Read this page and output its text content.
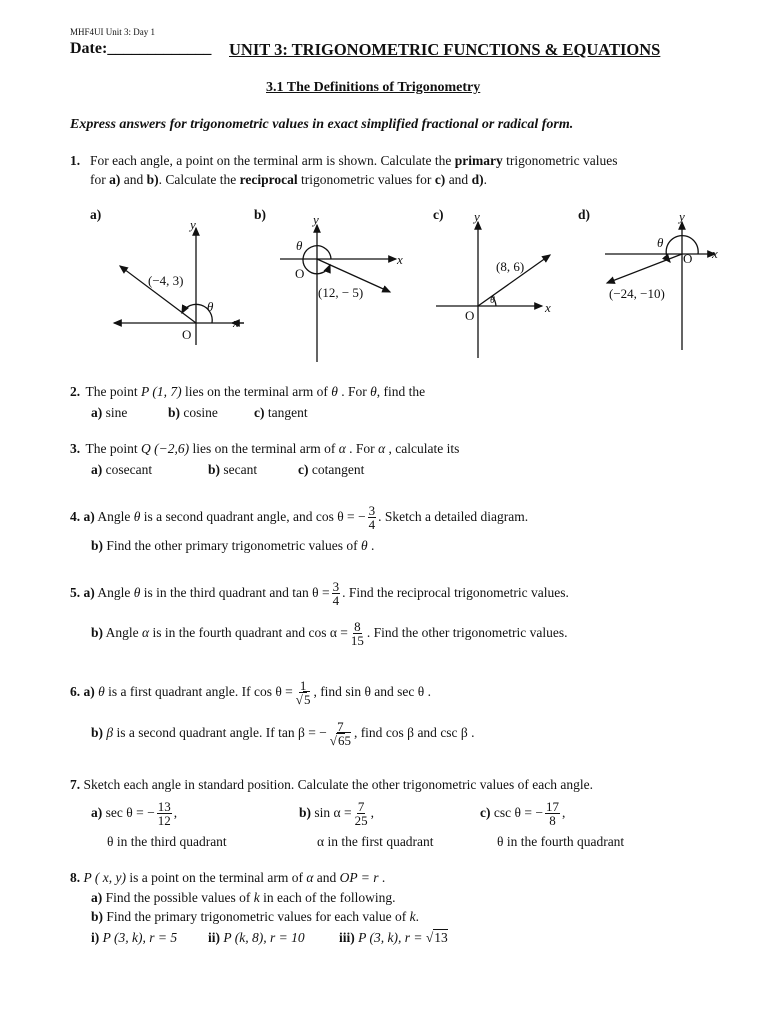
MHF4UI Unit 3: Day 1
Date:_____________ UNIT 3: TRIGONOMETRIC FUNCTIONS & EQUATIONS
3.1 The Definitions of Trigonometry
Express answers for trigonometric values in exact simplified fractional or radical form.
1. For each angle, a point on the terminal arm is shown. Calculate the primary trigonometric values
for a) and b). Calculate the reciprocal trigonometric values for c) and d).
a)	b)	c)	d)
y
x
O
(−4, 3)
θ
y
x
O
(12, − 5)
θ
y
x
O
(8, 6)
θ
y
x
O
(−24, −10)
θ
2. The point P (1, 7) lies on the terminal arm of θ . For θ, find the
a) sine	b) cosine	c) tangent
3. The point Q (−2,6) lies on the terminal arm of α . For α , calculate its
a) cosecant	b) secant	c) cotangent
4. a) Angle θ is a second quadrant angle, and cos θ = − $\frac{3}{4}$ . Sketch a detailed diagram.
b) Find the other primary trigonometric values of θ .
5. a) Angle θ is in the third quadrant and $\tan \theta = \frac{3}{4}$ . Find the reciprocal trigonometric values.
b) Angle α is in the fourth quadrant and $\cos \alpha = \frac{8}{15}$ . Find the other trigonometric values.
6. a) θ is a first quadrant angle. If $\cos \theta = \frac{1}{√5}$ , find sin θ and sec θ .
b) β is a second quadrant angle. If tan β = − $\frac{7}{√65}$ , find cos β and csc β .
7. Sketch each angle in standard position. Calculate the other trigonometric values of each angle.
a) sec θ = − $\frac{13}{12}$ ,
θ in the third quadrant
b) $\sin \alpha = \frac{7}{25}$ ,
α in the first quadrant
c) csc θ = − $\frac{17}{8}$ ,
θ in the fourth quadrant
8. P ( x, y) is a point on the terminal arm of α and OP = r .
a) Find the possible values of k in each of the following.
b) Find the primary trigonometric values for each value of k.
i) P (3, k), r = 5 ii) P (k, 8), r = 10	iii) P (3, k), r = √13
